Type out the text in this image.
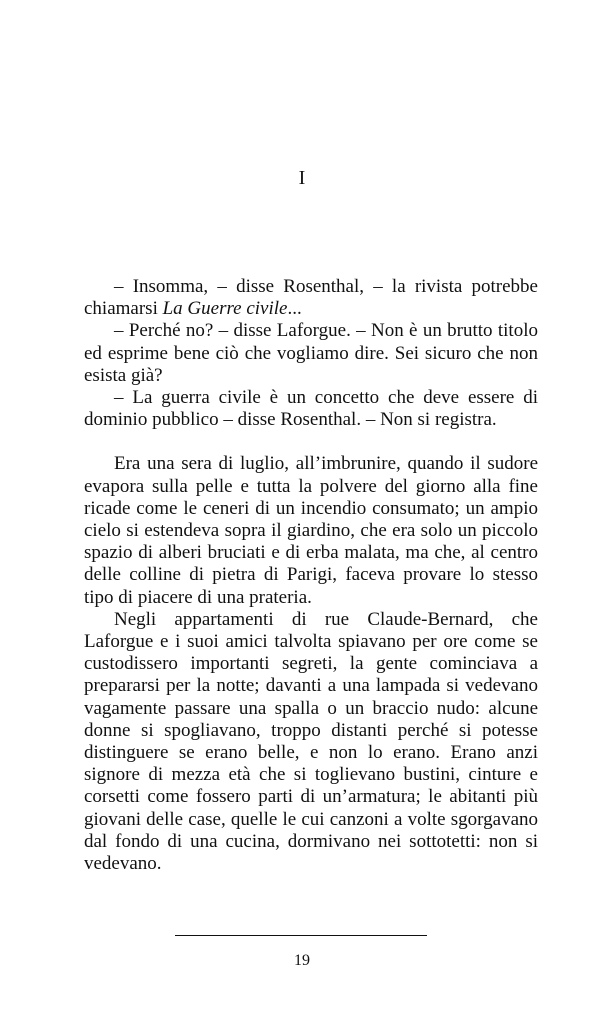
I

– Insomma, – disse Rosenthal, – la rivista potrebbe chiamarsi La Guerre civile...

– Perché no? – disse Laforgue. – Non è un brutto titolo ed esprime bene ciò che vogliamo dire. Sei sicuro che non esista già?

– La guerra civile è un concetto che deve essere di dominio pubblico – disse Rosenthal. – Non si registra.

Era una sera di luglio, all’imbrunire, quando il sudore evapora sulla pelle e tutta la polvere del giorno alla fine ricade come le ceneri di un incendio consumato; un ampio cielo si estendeva sopra il giardino, che era solo un piccolo spazio di alberi bruciati e di erba malata, ma che, al centro delle colline di pietra di Parigi, faceva provare lo stesso tipo di piacere di una prateria.

Negli appartamenti di rue Claude-Bernard, che Laforgue e i suoi amici talvolta spiavano per ore come se custodissero importanti segreti, la gente cominciava a prepararsi per la notte; davanti a una lampada si vedevano vagamente passare una spalla o un braccio nudo: alcune donne si spogliavano, troppo distanti perché si potesse distinguere se erano belle, e non lo erano. Erano anzi signore di mezza età che si toglievano bustini, cinture e corsetti come fossero parti di un’armatura; le abitanti più giovani delle case, quelle le cui canzoni a volte sgorgavano dal fondo di una cucina, dormivano nei sottotetti: non si vedevano.

19
